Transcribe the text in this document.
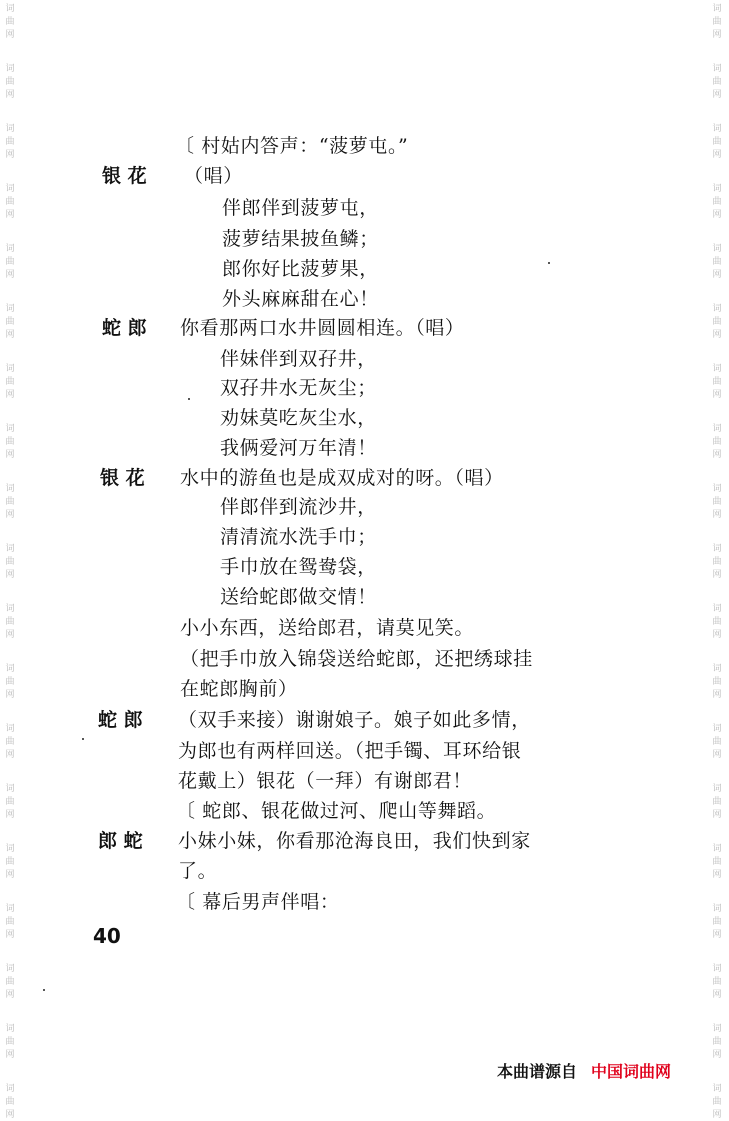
词
曲
网
词
曲
网
词
曲
网
词
曲
网
词
曲
网
词
曲
网
词
曲
网
词
曲
网
词
曲
网
词
曲
网
词
曲
网
词
曲
网
词
曲
网
词
曲
网
词
曲
网
词
曲
网
词
曲
网
词
曲
网
词
曲
网
词
曲
网
词
曲
网
词
曲
网
词
曲
网
词
曲
网
词
曲
网
词
曲
网
词
曲
网
词
曲
网
词
曲
网
词
曲
网
词
曲
网
词
曲
网
词
曲
网
词
曲
网
词
曲
网
词
曲
网
词
曲
网
词
曲
网
〔 村姑内答声：“菠萝屯。”
银 花 （唱）
伴郎伴到菠萝屯，
菠萝结果披鱼鳞；
郎你好比菠萝果，
外头麻麻甜在心！
蛇 郎 你看那两口水井圆圆相连。（唱）
伴妹伴到双孖井，
双孖井水无灰尘；
劝妹莫吃灰尘水，
我俩爱河万年清！
银 花 水中的游鱼也是成双成对的呀。（唱）
伴郎伴到流沙井，
清清流水洗手巾；
手巾放在鸳鸯袋，
送给蛇郎做交情！
小小东西，送给郎君，请莫见笑。
（把手巾放入锦袋送给蛇郎，还把绣球挂
在蛇郎胸前）
蛇 郎 （双手来接）谢谢娘子。娘子如此多情，
为郎也有两样回送。（把手镯、耳环给银
花戴上）银花（一拜）有谢郎君！
〔 蛇郎、银花做过河、爬山等舞蹈。
郎 蛇 小妹小妹，你看那沧海良田，我们快到家
了。
〔 幕后男声伴唱：
40
本曲谱源自 中国词曲网
